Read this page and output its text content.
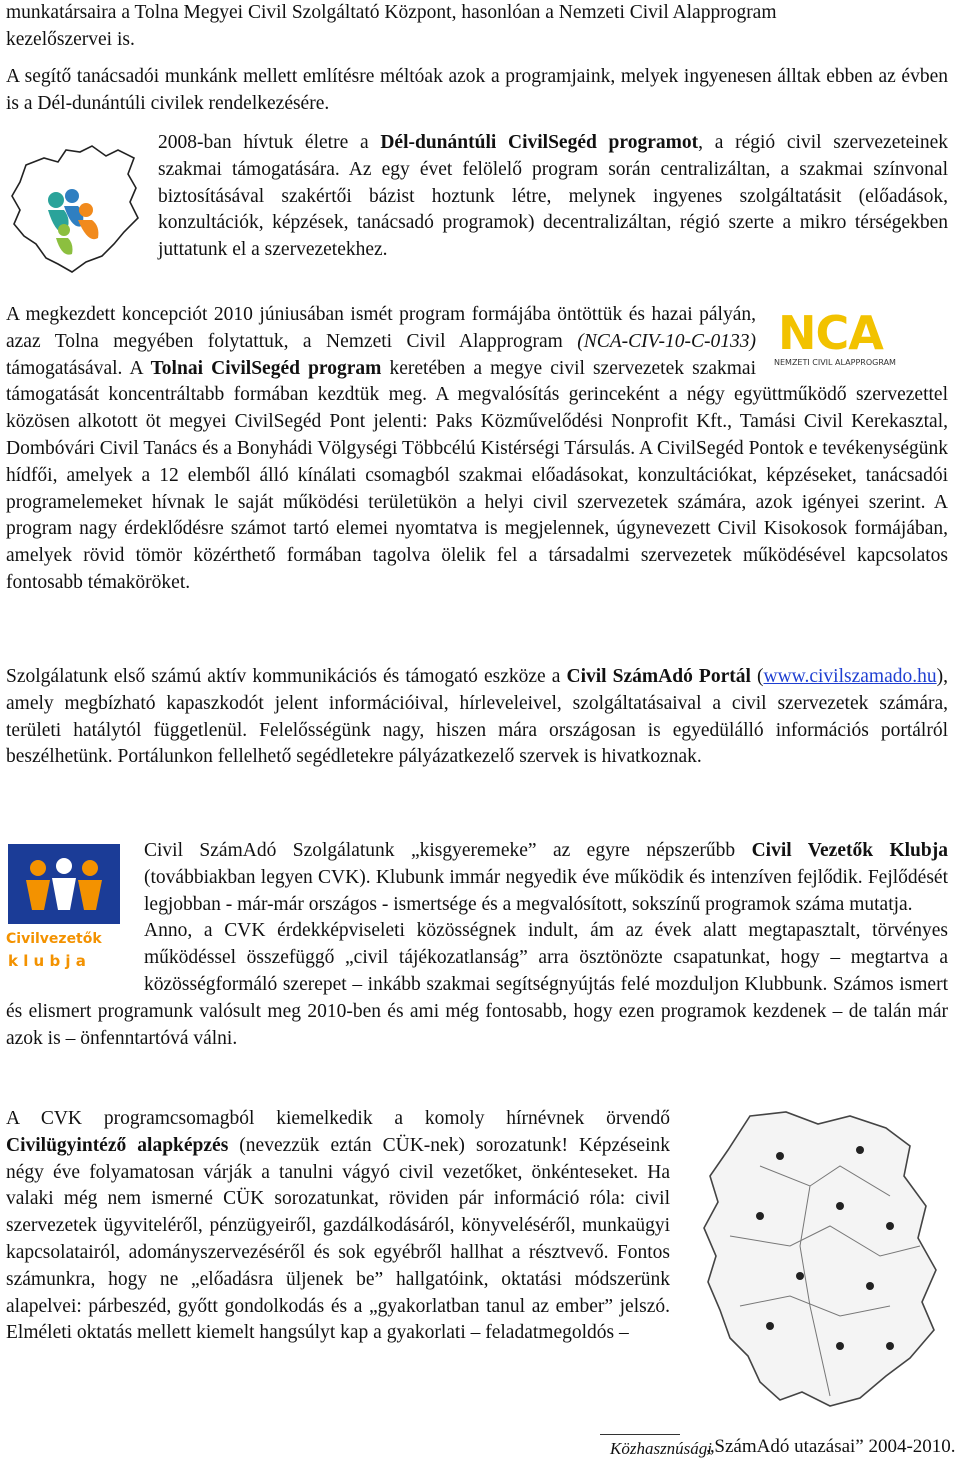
munkatársaira a Tolna Megyei Civil Szolgáltató Központ, hasonlóan a Nemzeti Civil Alapprogram

kezelőszervei is.

A segítő tanácsadói munkánk mellett említésre méltóak azok a programjaink, melyek ingyenesen álltak ebben az évben is a Dél-dunántúli civilek rendelkezésére.

2008-ban hívtuk életre a Dél-dunántúli CivilSegéd programot, a régió civil szervezeteinek szakmai támogatására. Az egy évet felölelő program során centralizáltan, a szakmai színvonal biztosításával szakértői bázist hoztunk létre, melynek ingyenes szolgáltatásit (előadások, konzultációk, képzések, tanácsadó programok) decentralizáltan, régió szerte a mikro térségekben juttatunk el a szervezetekhez.

NCA
NEMZETI CIVIL ALAPPROGRAM

A megkezdett koncepciót 2010 júniusában ismét program formájába öntöttük és hazai pályán, azaz Tolna megyében folytattuk, a Nemzeti Civil Alapprogram (NCA-CIV-10-C-0133) támogatásával. A Tolnai CivilSegéd program keretében a megye civil szervezetek szakmai támogatását koncentráltabb formában kezdtük meg. A megvalósítás gerinceként a négy együttműködő szervezettel közösen alkotott öt megyei CivilSegéd Pont jelenti: Paks Közművelődési Nonprofit Kft., Tamási Civil Kerekasztal, Dombóvári Civil Tanács és a Bonyhádi Völgységi Többcélú Kistérségi Társulás. A CivilSegéd Pontok e tevékenységünk hídfői, amelyek a 12 elemből álló kínálati csomagból szakmai előadásokat, konzultációkat, képzéseket, tanácsadói programelemeket hívnak le saját működési területükön a helyi civil szervezetek számára, azok igényei szerint. A program nagy érdeklődésre számot tartó elemei nyomtatva is megjelennek, úgynevezett Civil Kisokosok formájában, amelyek rövid tömör közérthető formában tagolva ölelik fel a társadalmi szervezetek működésével kapcsolatos fontosabb témaköröket.

Szolgálatunk első számú aktív kommunikációs és támogató eszköze a Civil SzámAdó Portál (www.civilszamado.hu), amely megbízható kapaszkodót jelent információival, hírleveleivel, szolgáltatásaival a civil szervezetek számára, területi hatálytól függetlenül. Felelősségünk nagy, hiszen mára országosan is egyedülálló információs portálról beszélhetünk. Portálunkon fellelhető segédletekre pályázatkezelő szervek is hivatkoznak.

Civilvezetők
k l u b j a

Civil SzámAdó Szolgálatunk „kisgyeremeke” az egyre népszerűbb Civil Vezetők Klubja (továbbiakban legyen CVK). Klubunk immár negyedik éve működik és intenzíven fejlődik. Fejlődését legjobban - már-már országos - ismertsége és a megvalósított, sokszínű programok száma mutatja.

Anno, a CVK érdekképviseleti közösségnek indult, ám az évek alatt megtapasztalt, törvényes működéssel összefüggő „civil tájékozatlanság” arra ösztönözte csapatunkat, hogy – megtartva a közösségformáló szerepet – inkább szakmai segítségnyújtás felé mozduljon Klubbunk. Számos ismert és elismert programunk valósult meg 2010-ben és ami még fontosabb, hogy ezen programok kezdenek – de talán már azok is – önfenntartóvá válni.

A CVK programcsomagból kiemelkedik a komoly hírnévnek örvendő Civilügyintéző alapképzés (nevezzük eztán CÜK-nek) sorozatunk! Képzéseink négy éve folyamatosan várják a tanulni vágyó civil vezetőket, önkénteseket. Ha valaki még nem ismerné CÜK sorozatunkat, röviden pár információ róla: civil szervezetek ügyviteléről, pénzügyeiről, gazdálkodásáról, könyveléséről, munkaügyi kapcsolatairól, adományszervezéséről és sok egyébről hallhat a résztvevő. Fontos számunkra, hogy ne „előadásra üljenek be” hallgatóink, oktatási módszerünk alapelvei: párbeszéd, győtt gondolkodás és a „gyakorlatban tanul az ember” jelszó. Elméleti oktatás mellett kiemelt hangsúlyt kap a gyakorlati – feladatmegoldós –

Közhasznúsági
„SzámAdó utazásai” 2004-2010.
